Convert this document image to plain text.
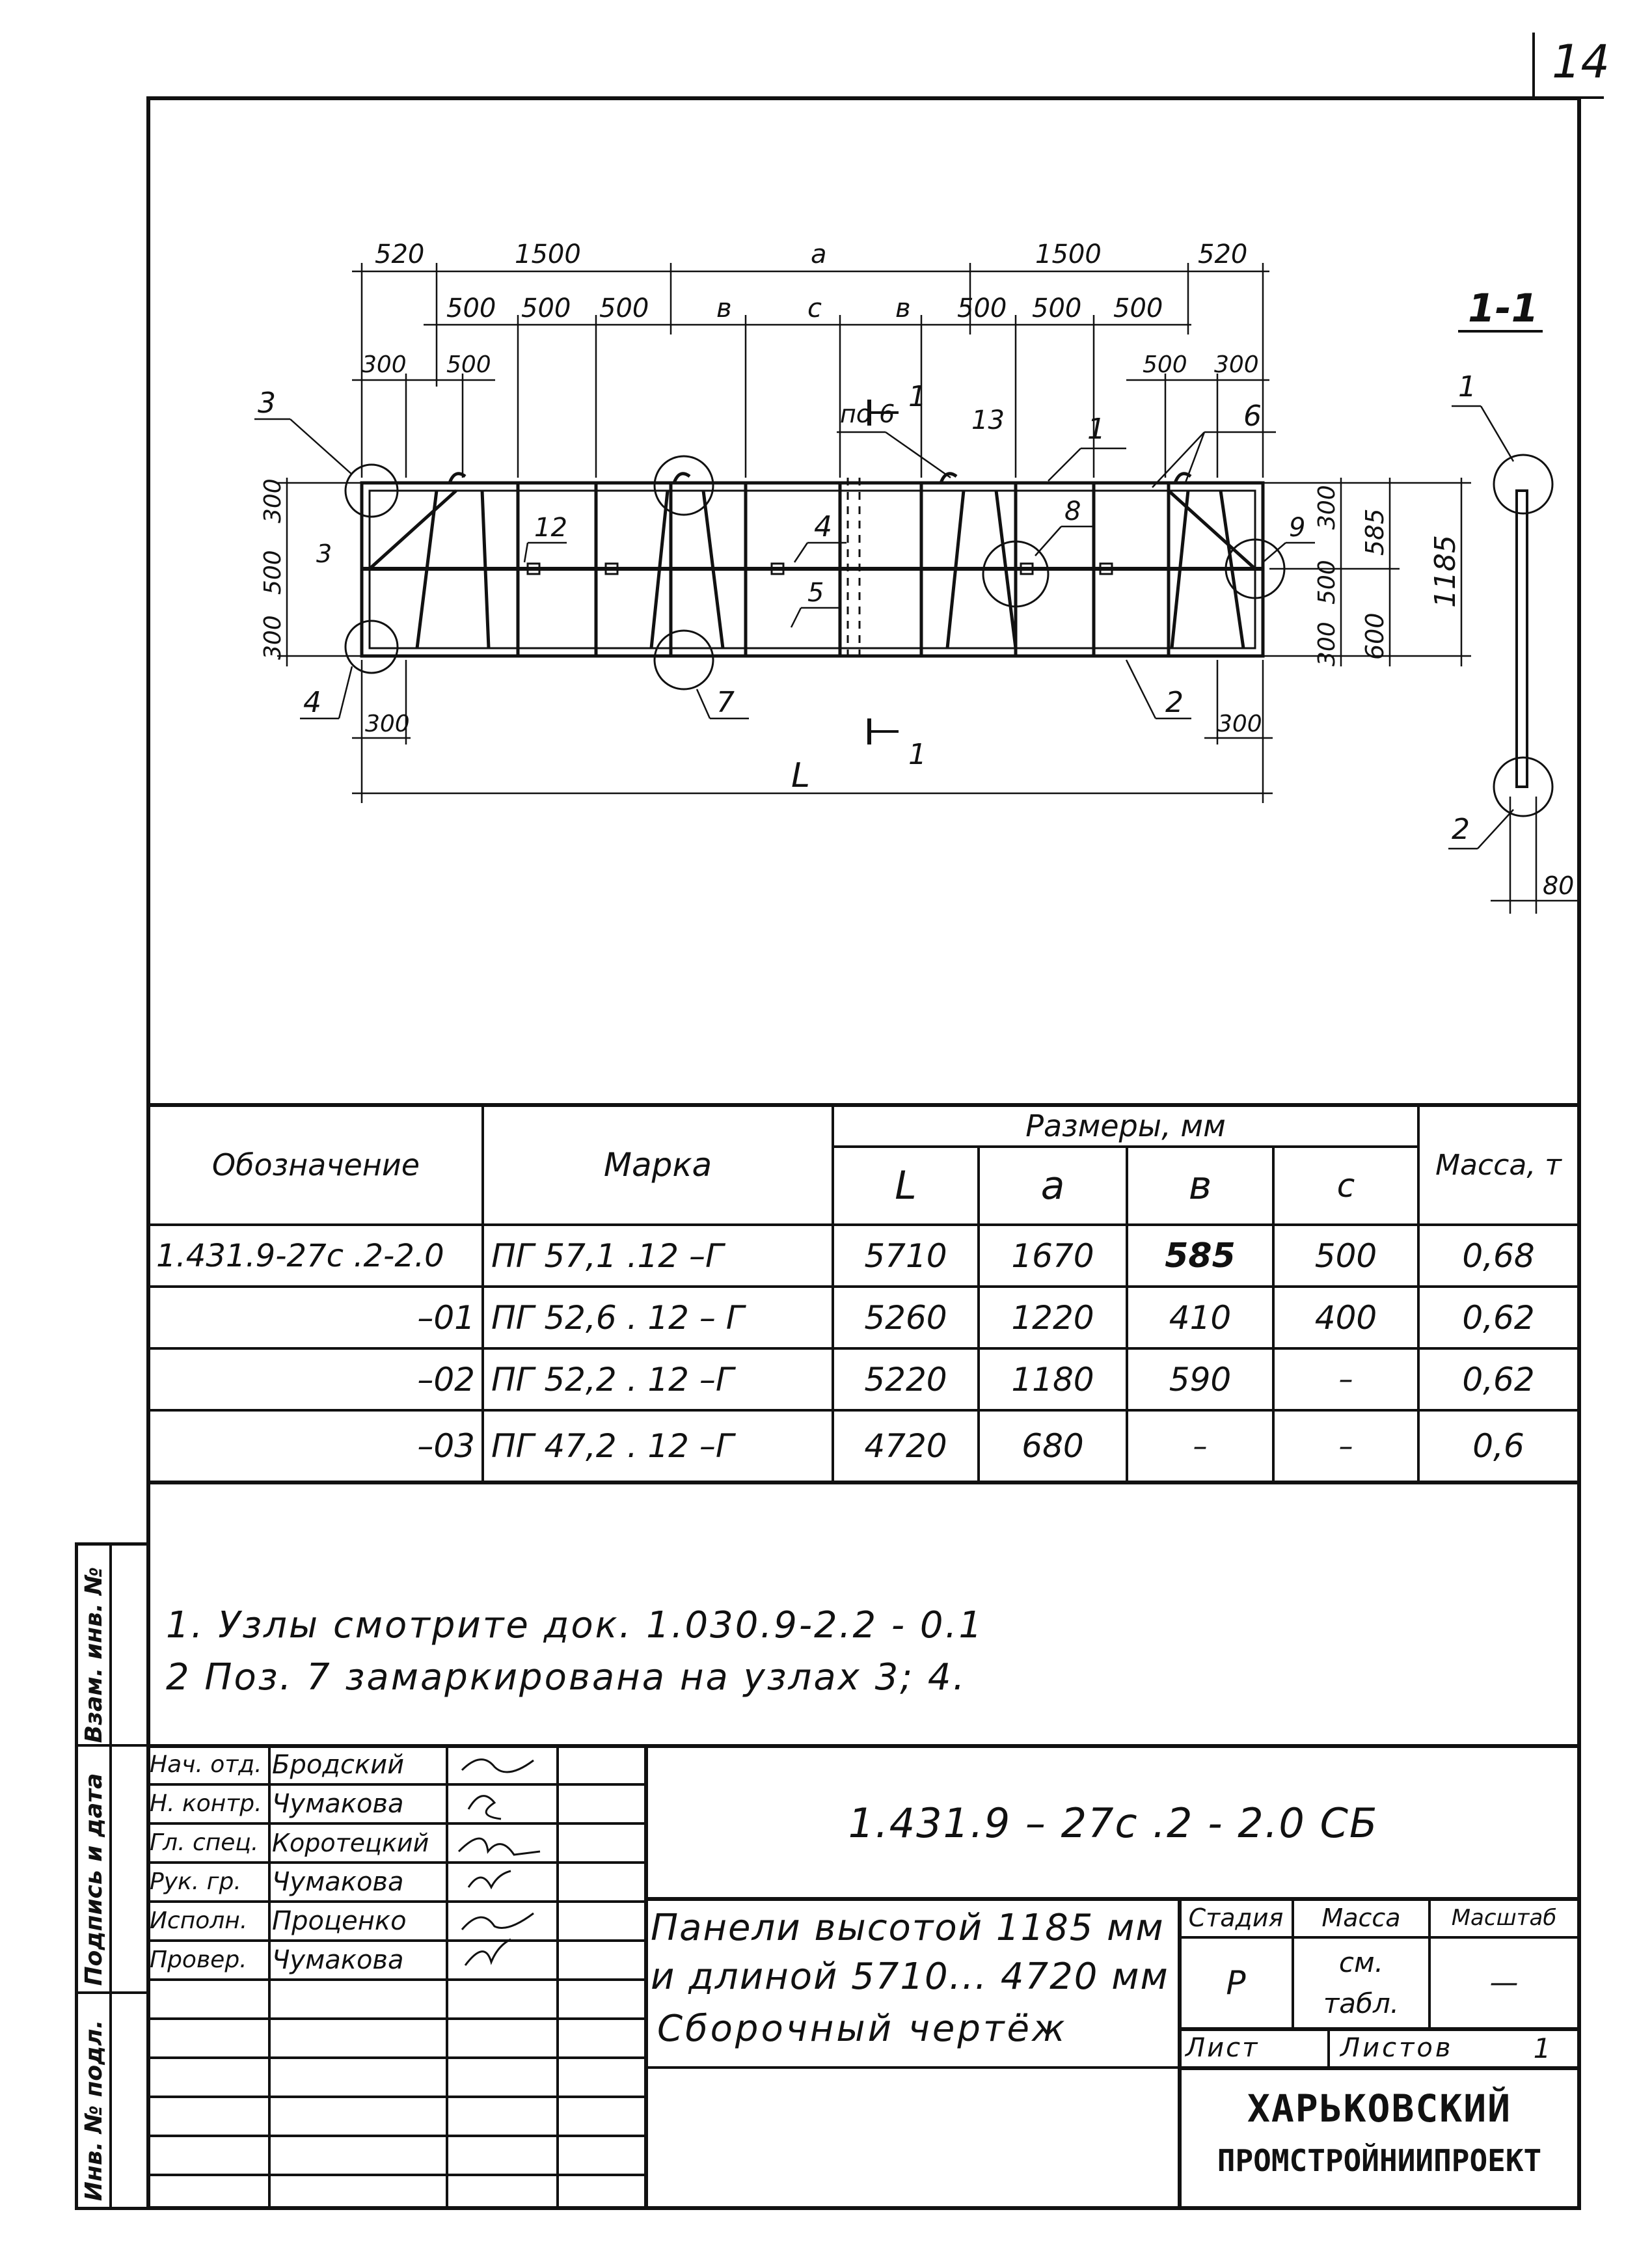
14
520	1500	a	1500	520
500 500 500	в	с	в 500 500 500
300 500	500 300
300
500
300
300
500
300
585
600
1185
300	300
L
80
1-1
3	по 6
1
13	1	6
12	4	8
9
3
5
4	7	2
1
1
2
Обозначение	Марка
Размеры, мм
Масса, т
L	a	в	с
1.431.9-27с .2-2.0	ПГ 57,1 .12 –Г	5710	1670	585	500	0,68
–01 ПГ 52,6 . 12 – Г	5260	1220	410	400	0,62
–02 ПГ 52,2 . 12 –Г	5220	1180	590	–	0,62
–03 ПГ 47,2 . 12 –Г	4720	680	–	–	0,6
1. Узлы смотрите док. 1.030.9-2.2 - 0.1
2 Поз. 7 замаркирована на узлах 3; 4.
Взам. инв. №
Подпись и дата
Инв. № подл.
Нач. отд. Бродский
Н. контр. Чумакова
Гл. спец. Коротецкий
Рук. гр.	Чумакова
Исполн. Проценко
Провер. Чумакова
1.431.9 – 27с .2 - 2.0 СБ
Панели высотой 1185 мм
и длиной 5710... 4720 мм
Сборочный чертёж
Стадия	Масса	Масштаб
Р
см.
табл.
—
Лист	Листов	1
ХАРЬКОВСКИЙ
ПРОМСТРОЙНИИПРОЕКТ
